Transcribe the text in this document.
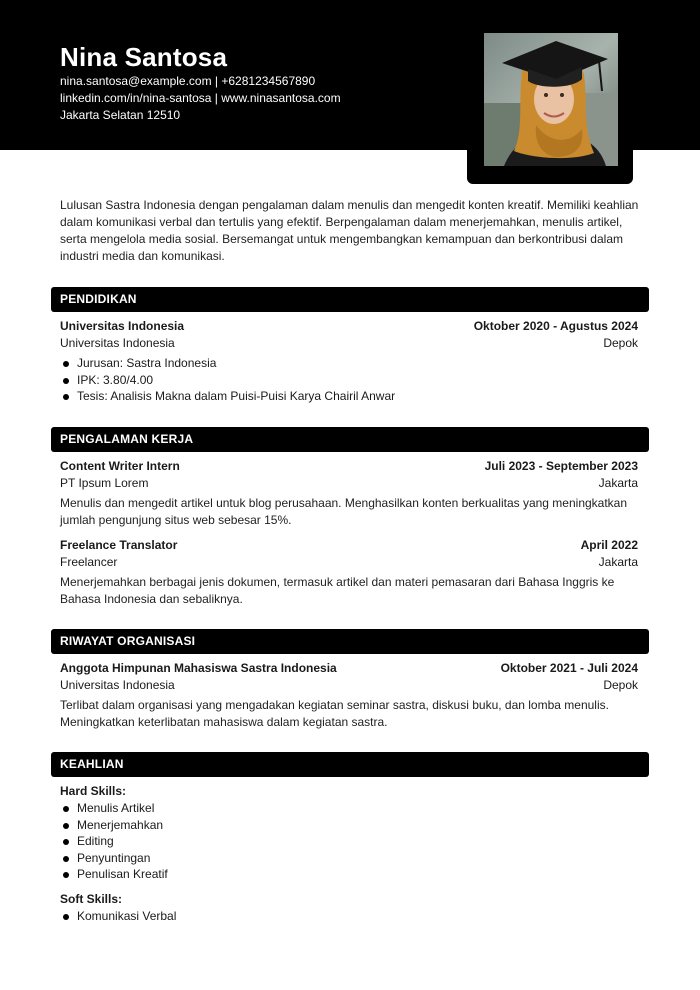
Nina Santosa
nina.santosa@example.com | +6281234567890
linkedin.com/in/nina-santosa | www.ninasantosa.com
Jakarta Selatan 12510
Lulusan Sastra Indonesia dengan pengalaman dalam menulis dan mengedit konten kreatif. Memiliki keahlian dalam komunikasi verbal dan tertulis yang efektif. Berpengalaman dalam menerjemahkan, menulis artikel, serta mengelola media sosial. Bersemangat untuk mengembangkan kemampuan dan berkontribusi dalam industri media dan komunikasi.
PENDIDIKAN
Universitas Indonesia	Oktober 2020 - Agustus 2024
Universitas Indonesia	Depok
Jurusan: Sastra Indonesia
IPK: 3.80/4.00
Tesis: Analisis Makna dalam Puisi-Puisi Karya Chairil Anwar
PENGALAMAN KERJA
Content Writer Intern	Juli 2023 - September 2023
PT Ipsum Lorem	Jakarta
Menulis dan mengedit artikel untuk blog perusahaan. Menghasilkan konten berkualitas yang meningkatkan jumlah pengunjung situs web sebesar 15%.
Freelance Translator	April 2022
Freelancer	Jakarta
Menerjemahkan berbagai jenis dokumen, termasuk artikel dan materi pemasaran dari Bahasa Inggris ke Bahasa Indonesia dan sebaliknya.
RIWAYAT ORGANISASI
Anggota Himpunan Mahasiswa Sastra Indonesia	Oktober 2021 - Juli 2024
Universitas Indonesia	Depok
Terlibat dalam organisasi yang mengadakan kegiatan seminar sastra, diskusi buku, dan lomba menulis. Meningkatkan keterlibatan mahasiswa dalam kegiatan sastra.
KEAHLIAN
Hard Skills:
Menulis Artikel
Menerjemahkan
Editing
Penyuntingan
Penulisan Kreatif
Soft Skills:
Komunikasi Verbal
